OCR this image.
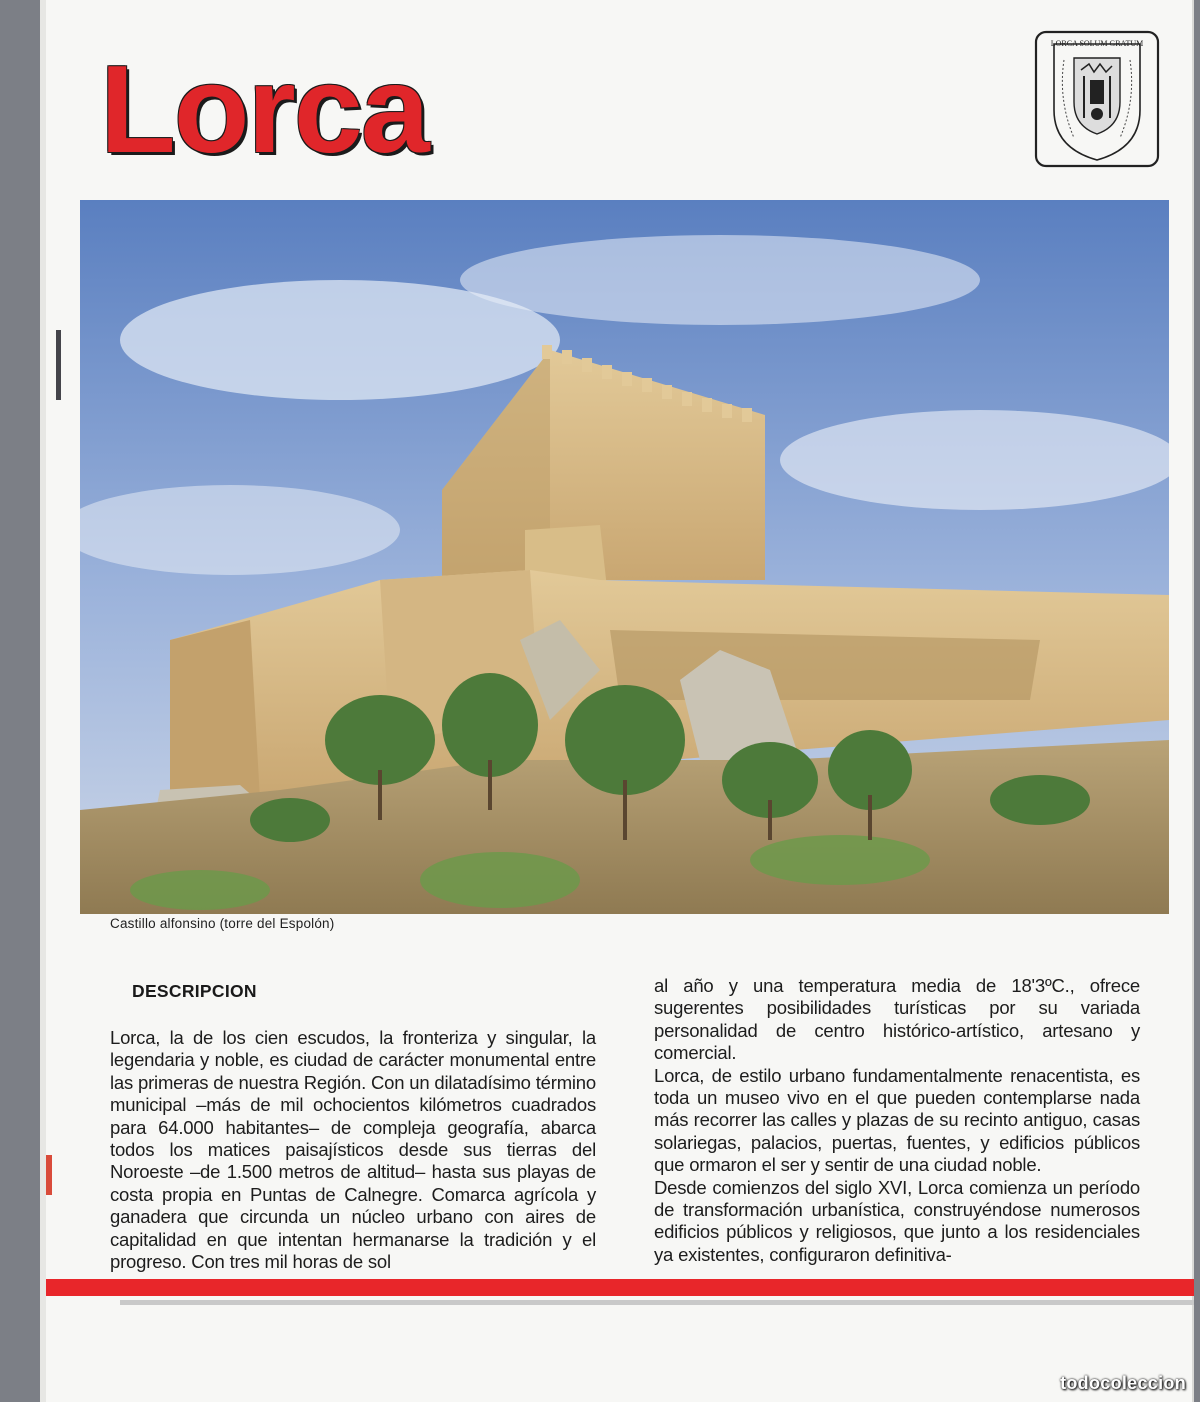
Lorca	LORCA SOLUM GRATUM
Castillo alfonsino (torre del Espolón)
DESCRIPCION

Lorca, la de los cien escudos, la fronteriza y singular, la legendaria y noble, es ciudad de carácter monumental entre las primeras de nuestra Región. Con un dilatadísimo término municipal –más de mil ochocientos kilómetros cuadrados para 64.000 habitantes– de compleja geografía, abarca todos los matices paisajísticos desde sus tierras del Noroeste –de 1.500 metros de altitud– hasta sus playas de costa propia en Puntas de Calnegre. Comarca agrícola y ganadera que circunda un núcleo urbano con aires de capitalidad en que intentan hermanarse la tradición y el progreso. Con tres mil horas de sol

al año y una temperatura media de 18'3ºC., ofrece sugerentes posibilidades turísticas por su variada personalidad de centro histórico-artístico, artesano y comercial.

Lorca, de estilo urbano fundamentalmente renacentista, es toda un museo vivo en el que pueden contemplarse nada más recorrer las calles y plazas de su recinto antiguo, casas solariegas, palacios, puertas, fuentes, y edificios públicos que ormaron el ser y sentir de una ciudad noble.

Desde comienzos del siglo XVI, Lorca comienza un período de transformación urbanística, construyéndose numerosos edificios públicos y religiosos, que junto a los residenciales ya existentes, configuraron definitiva-

todocoleccion
